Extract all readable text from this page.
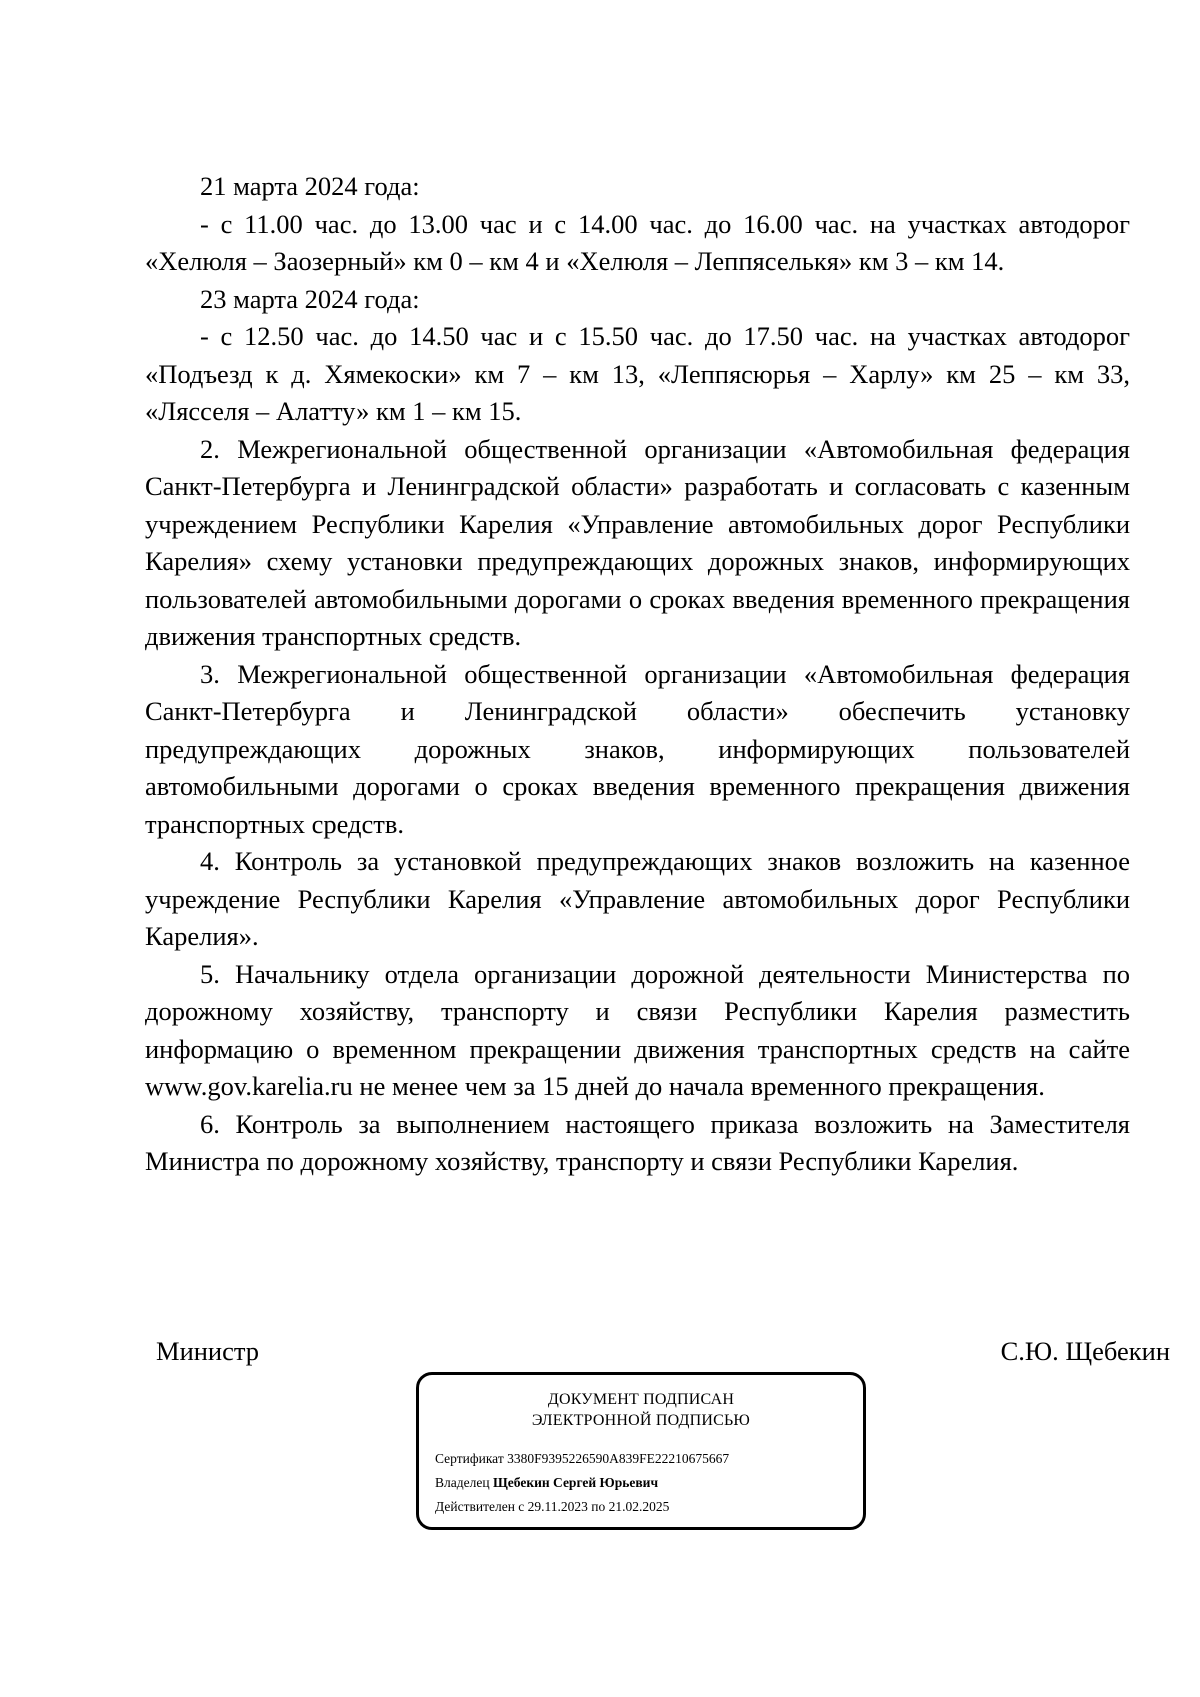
21 марта 2024 года:

- с 11.00 час. до 13.00 час и с 14.00 час. до 16.00 час. на участках автодорог «Хелюля – Заозерный» км 0 – км 4 и «Хелюля – Леппяселькя» км 3 – км 14.

23 марта 2024 года:

- с 12.50 час. до 14.50 час и с 15.50 час. до 17.50 час. на участках автодорог «Подъезд к д. Хямекоски» км 7 – км 13, «Леппясюрья – Харлу» км 25 – км 33, «Лясселя – Алатту» км 1 – км 15.

2. Межрегиональной общественной организации «Автомобильная федерация Санкт-Петербурга и Ленинградской области» разработать и согласовать с казенным учреждением Республики Карелия «Управление автомобильных дорог Республики Карелия» схему установки предупреждающих дорожных знаков, информирующих пользователей автомобильными дорогами о сроках введения временного прекращения движения транспортных средств.

3. Межрегиональной общественной организации «Автомобильная федерация Санкт-Петербурга и Ленинградской области» обеспечить установку предупреждающих дорожных знаков, информирующих пользователей автомобильными дорогами о сроках введения временного прекращения движения транспортных средств.

4. Контроль за установкой предупреждающих знаков возложить на казенное учреждение Республики Карелия «Управление автомобильных дорог Республики Карелия».

5. Начальнику отдела организации дорожной деятельности Министерства по дорожному хозяйству, транспорту и связи Республики Карелия разместить информацию о временном прекращении движения транспортных средств на сайте www.gov.karelia.ru не менее чем за 15 дней до начала временного прекращения.

6. Контроль за выполнением настоящего приказа возложить на Заместителя Министра по дорожному хозяйству, транспорту и связи Республики Карелия.

Министр	С.Ю. Щебекин
ДОКУМЕНТ ПОДПИСАН
ЭЛЕКТРОННОЙ ПОДПИСЬЮ
Сертификат 3380F9395226590A839FE22210675667
Владелец Щебекин Сергей Юрьевич
Действителен с 29.11.2023 по 21.02.2025
